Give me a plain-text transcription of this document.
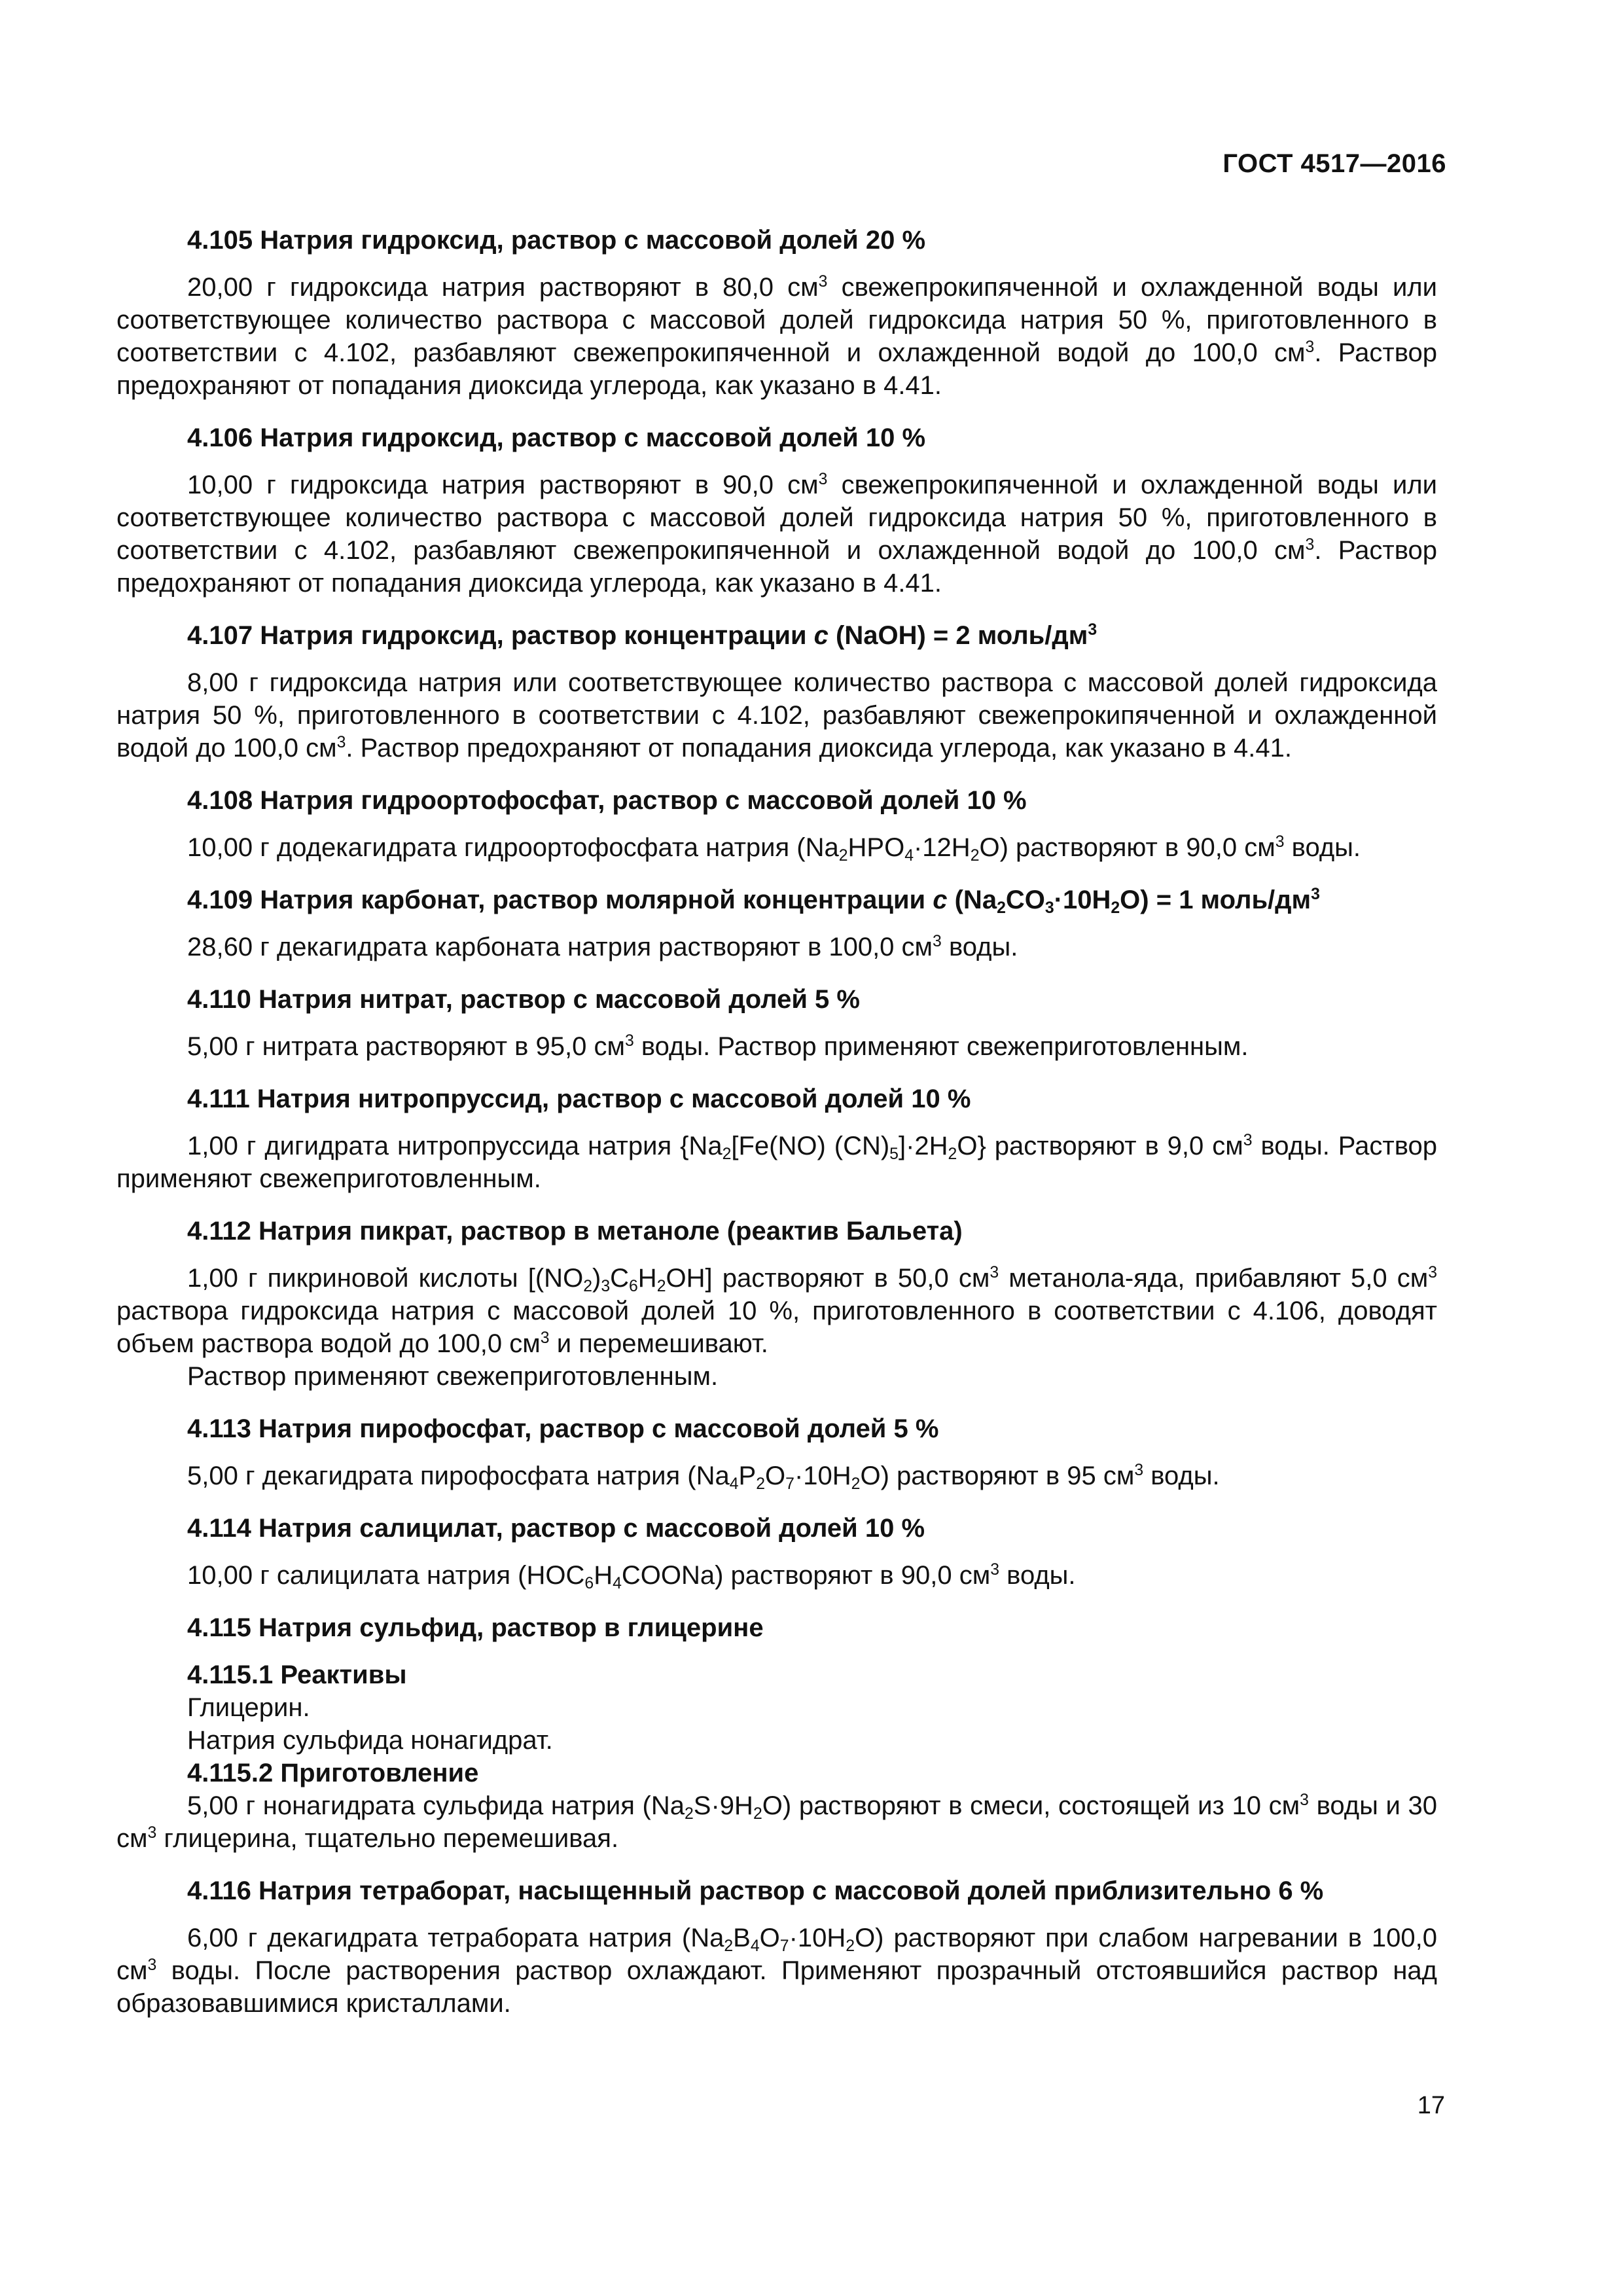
ГОСТ 4517—2016
4.105 Натрия гидроксид, раствор с массовой долей 20 %
20,00 г гидроксида натрия растворяют в 80,0 $см^3$ свежепрокипяченной и охлажденной воды или соответствующее количество раствора с массовой долей гидроксида натрия 50 %, приготовленного в соответствии с 4.102, разбавляют свежепрокипяченной и охлажденной водой до 100,0 $см^3$. Раствор предохраняют от попадания диоксида углерода, как указано в 4.41.
4.106 Натрия гидроксид, раствор с массовой долей 10 %
10,00 г гидроксида натрия растворяют в 90,0 $см^3$ свежепрокипяченной и охлажденной воды или соответствующее количество раствора с массовой долей гидроксида натрия 50 %, приготовленного в соответствии с 4.102, разбавляют свежепрокипяченной и охлажденной водой до 100,0 $см^3$. Раствор предохраняют от попадания диоксида углерода, как указано в 4.41.
4.107 Натрия гидроксид, раствор концентрации c (NaOH) = 2 моль/$дм^3$
8,00 г гидроксида натрия или соответствующее количество раствора с массовой долей гидроксида натрия 50 %, приготовленного в соответствии с 4.102, разбавляют свежепрокипяченной и охлажденной водой до 100,0 $см^3$. Раствор предохраняют от попадания диоксида углерода, как указано в 4.41.
4.108 Натрия гидроортофосфат, раствор с массовой долей 10 %
10,00 г додекагидрата гидроортофосфата натрия $(Na_2HPO_4\cdot 12H_2O)$ растворяют в 90,0 $см^3$ воды.
4.109 Натрия карбонат, раствор молярной концентрации c $(Na_2CO_3\cdot 10H_2O) = 1$ моль/$дм^3$
28,60 г декагидрата карбоната натрия растворяют в 100,0 $см^3$ воды.
4.110 Натрия нитрат, раствор с массовой долей 5 %
5,00 г нитрата растворяют в 95,0 $см^3$ воды. Раствор применяют свежеприготовленным.
4.111 Натрия нитропруссид, раствор с массовой долей 10 %
1,00 г дигидрата нитропруссида натрия {$Na_2[Fe(NO)$ $(CN)_5]\cdot 2H_2O$} растворяют в 9,0 $см^3$ воды. Раствор применяют свежеприготовленным.
4.112 Натрия пикрат, раствор в метаноле (реактив Бальета)
1,00 г пикриновой кислоты $[(NO_2)_3C_6H_2OH]$ растворяют в 50,0 $см^3$ метанола-яда, прибавляют 5,0 $см^3$ раствора гидроксида натрия с массовой долей 10 %, приготовленного в соответствии с 4.106, доводят объем раствора водой до 100,0 $см^3$ и перемешивают.
Раствор применяют свежеприготовленным.
4.113 Натрия пирофосфат, раствор с массовой долей 5 %
5,00 г декагидрата пирофосфата натрия $(Na_4P_2O_7\cdot 10H_2O)$ растворяют в 95 $см^3$ воды.
4.114 Натрия салицилат, раствор с массовой долей 10 %
10,00 г салицилата натрия $(HOC_6H_4COONa)$ растворяют в 90,0 $см^3$ воды.
4.115 Натрия сульфид, раствор в глицерине
4.115.1 Реактивы
Глицерин.
Натрия сульфида нонагидрат.
4.115.2 Приготовление
5,00 г нонагидрата сульфида натрия $(Na_2S\cdot 9H_2O)$ растворяют в смеси, состоящей из 10 $см^3$ воды и 30 $см^3$ глицерина, тщательно перемешивая.
4.116 Натрия тетраборат, насыщенный раствор с массовой долей приблизительно 6 %
6,00 г декагидрата тетрабората натрия $(Na_2B_4O_7\cdot 10H_2O)$ растворяют при слабом нагревании в 100,0 $см^3$ воды. После растворения раствор охлаждают. Применяют прозрачный отстоявшийся раствор над образовавшимися кристаллами.
17
